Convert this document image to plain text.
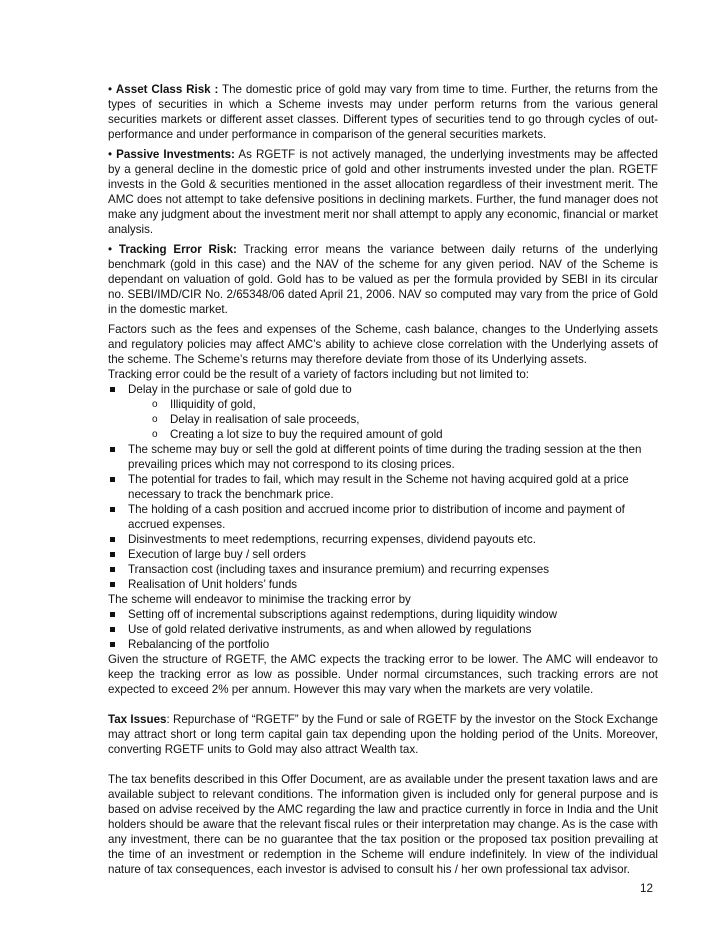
• Asset Class Risk : The domestic price of gold may vary from time to time. Further, the returns from the types of securities in which a Scheme invests may under perform returns from the various general securities markets or different asset classes. Different types of securities tend to go through cycles of out-performance and under performance in comparison of the general securities markets.

• Passive Investments: As RGETF is not actively managed, the underlying investments may be affected by a general decline in the domestic price of gold and other instruments invested under the plan. RGETF invests in the Gold & securities mentioned in the asset allocation regardless of their investment merit. The AMC does not attempt to take defensive positions in declining markets. Further, the fund manager does not make any judgment about the investment merit nor shall attempt to apply any economic, financial or market analysis.

• Tracking Error Risk: Tracking error means the variance between daily returns of the underlying benchmark (gold in this case) and the NAV of the scheme for any given period. NAV of the Scheme is dependant on valuation of gold. Gold has to be valued as per the formula provided by SEBI in its circular no. SEBI/IMD/CIR No. 2/65348/06 dated April 21, 2006. NAV so computed may vary from the price of Gold in the domestic market.

Factors such as the fees and expenses of the Scheme, cash balance, changes to the Underlying assets and regulatory policies may affect AMC’s ability to achieve close correlation with the Underlying assets of the scheme. The Scheme’s returns may therefore deviate from those of its Underlying assets.

Tracking error could be the result of a variety of factors including but not limited to:

Delay in the purchase or sale of gold due to
o Illiquidity of gold,
o Delay in realisation of sale proceeds,
o Creating a lot size to buy the required amount of gold
The scheme may buy or sell the gold at different points of time during the trading session at the then prevailing prices which may not correspond to its closing prices.
The potential for trades to fail, which may result in the Scheme not having acquired gold at a price necessary to track the benchmark price.
The holding of a cash position and accrued income prior to distribution of income and payment of accrued expenses.
Disinvestments to meet redemptions, recurring expenses, dividend payouts etc.
Execution of large buy / sell orders
Transaction cost (including taxes and insurance premium) and recurring expenses
Realisation of Unit holders’ funds

The scheme will endeavor to minimise the tracking error by

Setting off of incremental subscriptions against redemptions, during liquidity window
Use of gold related derivative instruments, as and when allowed by regulations
Rebalancing of the portfolio

Given the structure of RGETF, the AMC expects the tracking error to be lower. The AMC will endeavor to keep the tracking error as low as possible. Under normal circumstances, such tracking errors are not expected to exceed 2% per annum. However this may vary when the markets are very volatile.

Tax Issues: Repurchase of “RGETF” by the Fund or sale of RGETF by the investor on the Stock Exchange may attract short or long term capital gain tax depending upon the holding period of the Units. Moreover, converting RGETF units to Gold may also attract Wealth tax.

The tax benefits described in this Offer Document, are as available under the present taxation laws and are available subject to relevant conditions. The information given is included only for general purpose and is based on advise received by the AMC regarding the law and practice currently in force in India and the Unit holders should be aware that the relevant fiscal rules or their interpretation may change. As is the case with any investment, there can be no guarantee that the tax position or the proposed tax position prevailing at the time of an investment or redemption in the Scheme will endure indefinitely. In view of the individual nature of tax consequences, each investor is advised to consult his / her own professional tax advisor.

12
